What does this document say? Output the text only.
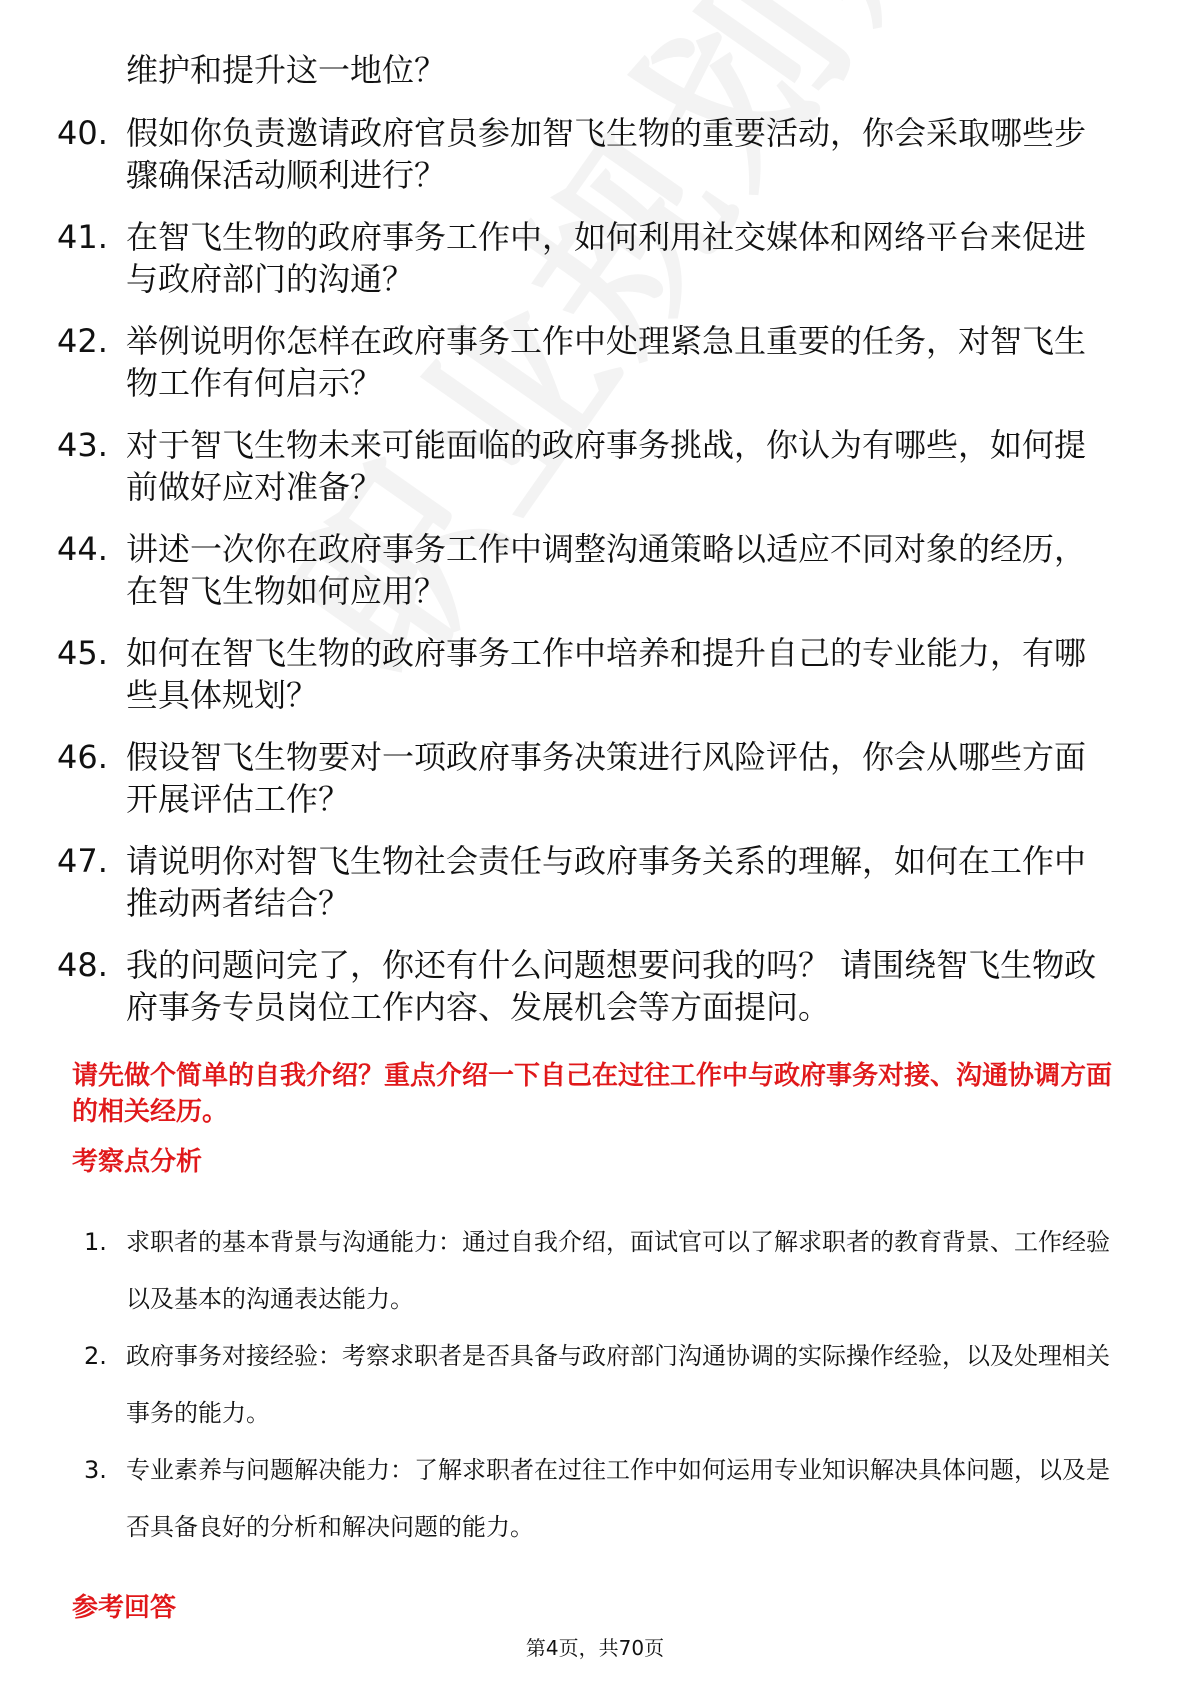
维护和提升这一地位？
40. 假如你负责邀请政府官员参加智飞生物的重要活动，你会采取哪些步骤确保活动顺利进行？
41. 在智飞生物的政府事务工作中，如何利用社交媒体和网络平台来促进与政府部门的沟通？
42. 举例说明你怎样在政府事务工作中处理紧急且重要的任务，对智飞生物工作有何启示？
43. 对于智飞生物未来可能面临的政府事务挑战，你认为有哪些，如何提前做好应对准备？
44. 讲述一次你在政府事务工作中调整沟通策略以适应不同对象的经历，在智飞生物如何应用？
45. 如何在智飞生物的政府事务工作中培养和提升自己的专业能力，有哪些具体规划？
46. 假设智飞生物要对一项政府事务决策进行风险评估，你会从哪些方面开展评估工作？
47. 请说明你对智飞生物社会责任与政府事务关系的理解，如何在工作中推动两者结合？
48. 我的问题问完了，你还有什么问题想要问我的吗？ 请围绕智飞生物政府事务专员岗位工作内容、发展机会等方面提问。
请先做个简单的自我介绍？重点介绍一下自己在过往工作中与政府事务对接、沟通协调方面的相关经历。
考察点分析
1. 求职者的基本背景与沟通能力：通过自我介绍，面试官可以了解求职者的教育背景、工作经验以及基本的沟通表达能力。
2. 政府事务对接经验：考察求职者是否具备与政府部门沟通协调的实际操作经验，以及处理相关事务的能力。
3. 专业素养与问题解决能力：了解求职者在过往工作中如何运用专业知识解决具体问题，以及是否具备良好的分析和解决问题的能力。
参考回答
第4页，共70页
